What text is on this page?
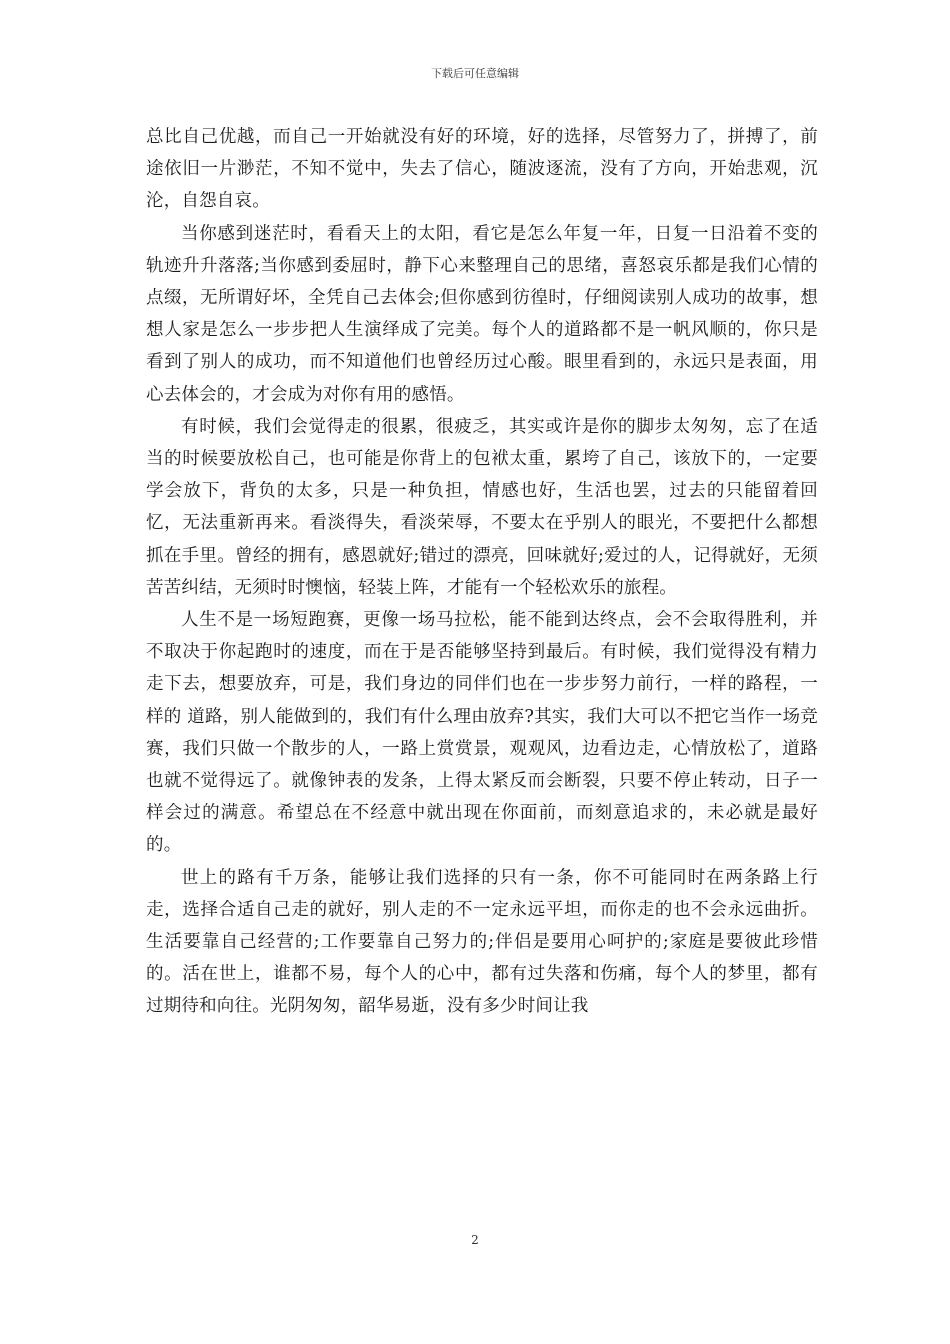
下载后可任意编辑

总比自己优越，而自己一开始就没有好的环境，好的选择，尽管努力了，拼搏了，前途依旧一片渺茫，不知不觉中，失去了信心，随波逐流，没有了方向，开始悲观，沉沦，自怨自哀。

当你感到迷茫时，看看天上的太阳，看它是怎么年复一年，日复一日沿着不变的轨迹升升落落;当你感到委屈时，静下心来整理自己的思绪，喜怒哀乐都是我们心情的点缀，无所谓好坏，全凭自己去体会;但你感到彷徨时，仔细阅读别人成功的故事，想想人家是怎么一步步把人生演绎成了完美。每个人的道路都不是一帆风顺的，你只是看到了别人的成功，而不知道他们也曾经历过心酸。眼里看到的，永远只是表面，用心去体会的，才会成为对你有用的感悟。

有时候，我们会觉得走的很累，很疲乏，其实或许是你的脚步太匆匆，忘了在适当的时候要放松自己，也可能是你背上的包袱太重，累垮了自己，该放下的，一定要学会放下，背负的太多，只是一种负担，情感也好，生活也罢，过去的只能留着回忆，无法重新再来。看淡得失，看淡荣辱，不要太在乎别人的眼光，不要把什么都想抓在手里。曾经的拥有，感恩就好;错过的漂亮，回味就好;爱过的人，记得就好，无须苦苦纠结，无须时时懊恼，轻装上阵，才能有一个轻松欢乐的旅程。

人生不是一场短跑赛，更像一场马拉松，能不能到达终点，会不会取得胜利，并不取决于你起跑时的速度，而在于是否能够坚持到最后。有时候，我们觉得没有精力走下去，想要放弃，可是，我们身边的同伴们也在一步步努力前行，一样的路程，一样的 道路，别人能做到的，我们有什么理由放弃?其实，我们大可以不把它当作一场竞赛，我们只做一个散步的人，一路上赏赏景，观观风，边看边走，心情放松了，道路也就不觉得远了。就像钟表的发条，上得太紧反而会断裂，只要不停止转动，日子一样会过的满意。希望总在不经意中就出现在你面前，而刻意追求的，未必就是最好的。

世上的路有千万条，能够让我们选择的只有一条，你不可能同时在两条路上行走，选择合适自己走的就好，别人走的不一定永远平坦，而你走的也不会永远曲折。生活要靠自己经营的;工作要靠自己努力的;伴侣是要用心呵护的;家庭是要彼此珍惜的。活在世上，谁都不易，每个人的心中，都有过失落和伤痛，每个人的梦里，都有过期待和向往。光阴匆匆，韶华易逝，没有多少时间让我

2
